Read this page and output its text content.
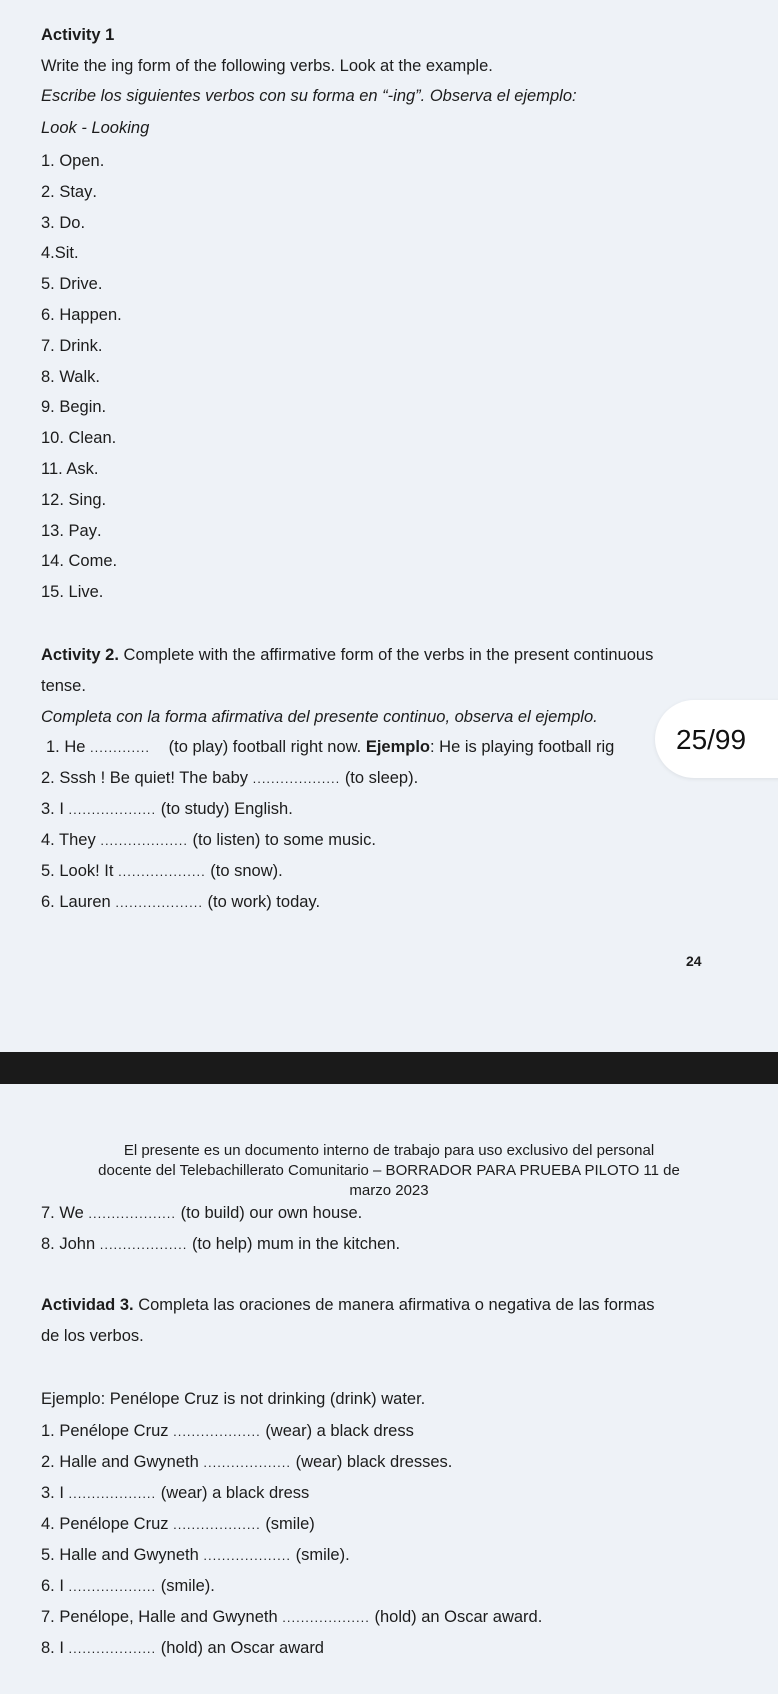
Activity 1
Write the ing form of the following verbs. Look at the example.
Escribe los siguientes verbos con su forma en “-ing”. Observa el ejemplo:
Look - Looking
1. Open.
2. Stay.
3. Do.
4.Sit.
5. Drive.
6. Happen.
7. Drink.
8. Walk.
9. Begin.
10. Clean.
11. Ask.
12. Sing.
13. Pay.
14. Come.
15. Live.
Activity 2. Complete with the affirmative form of the verbs in the present continuous
tense.
Completa con la forma afirmativa del presente continuo, observa el ejemplo.
1. He ............. (to play) football right now. Ejemplo: He is playing football rig
2. Sssh ! Be quiet! The baby ................... (to sleep).
3. I ................... (to study) English.
4. They ................... (to listen) to some music.
5. Look! It ................... (to snow).
6. Lauren ................... (to work) today.
25/99
24
El presente es un documento interno de trabajo para uso exclusivo del personal
docente del Telebachillerato Comunitario – BORRADOR PARA PRUEBA PILOTO 11 de
marzo 2023
7. We ................... (to build) our own house.
8. John ................... (to help) mum in the kitchen.
Actividad 3. Completa las oraciones de manera afirmativa o negativa de las formas
de los verbos.
Ejemplo: Penélope Cruz is not drinking (drink) water.
1. Penélope Cruz ................... (wear) a black dress
2. Halle and Gwyneth ................... (wear) black dresses.
3. I ................... (wear) a black dress
4. Penélope Cruz ................... (smile)
5. Halle and Gwyneth ................... (smile).
6. I ................... (smile).
7. Penélope, Halle and Gwyneth ................... (hold) an Oscar award.
8. I ................... (hold) an Oscar award
